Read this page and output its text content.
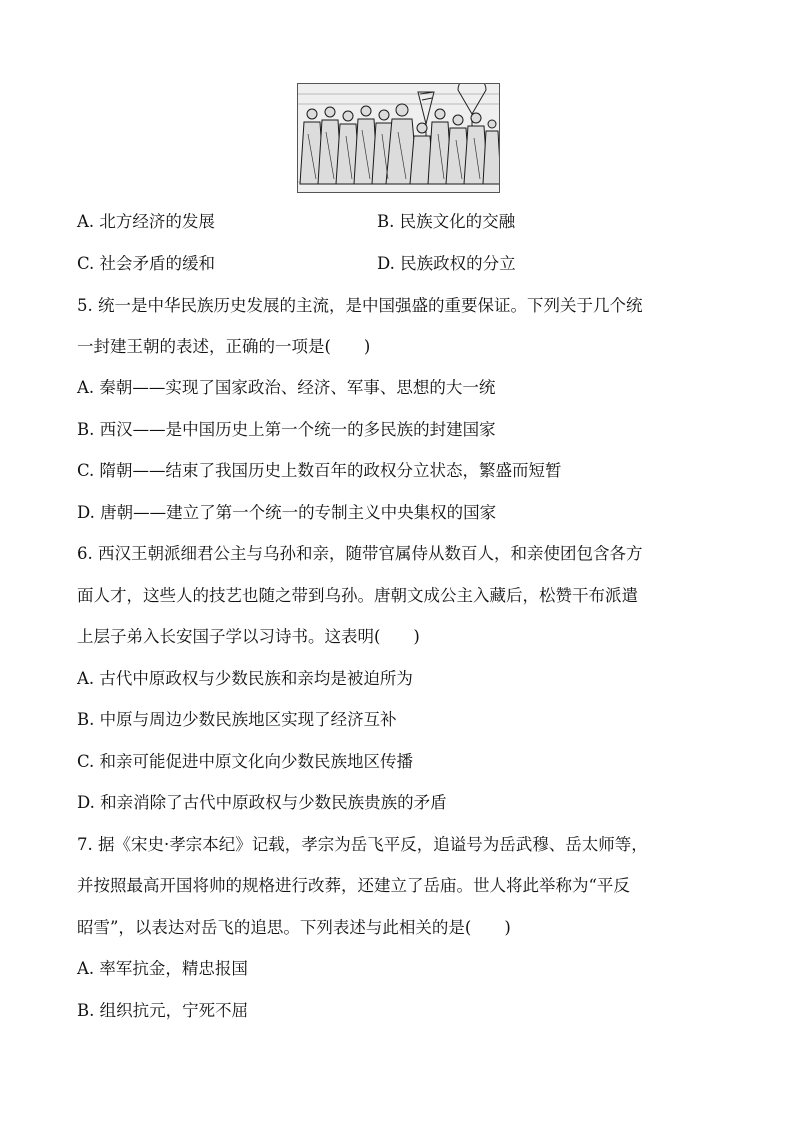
A. 北方经济的发展	B. 民族文化的交融
C. 社会矛盾的缓和	D. 民族政权的分立
5. 统一是中华民族历史发展的主流，是中国强盛的重要保证。下列关于几个统
一封建王朝的表述，正确的一项是(　　)
A. 秦朝——实现了国家政治、经济、军事、思想的大一统
B. 西汉——是中国历史上第一个统一的多民族的封建国家
C. 隋朝——结束了我国历史上数百年的政权分立状态，繁盛而短暂
D. 唐朝——建立了第一个统一的专制主义中央集权的国家
6. 西汉王朝派细君公主与乌孙和亲，随带官属侍从数百人，和亲使团包含各方
面人才，这些人的技艺也随之带到乌孙。唐朝文成公主入藏后，松赞干布派遣
上层子弟入长安国子学以习诗书。这表明(　　)
A. 古代中原政权与少数民族和亲均是被迫所为
B. 中原与周边少数民族地区实现了经济互补
C. 和亲可能促进中原文化向少数民族地区传播
D. 和亲消除了古代中原政权与少数民族贵族的矛盾
7. 据《宋史·孝宗本纪》记载，孝宗为岳飞平反，追谥号为岳武穆、岳太师等，
并按照最高开国将帅的规格进行改葬，还建立了岳庙。世人将此举称为“平反
昭雪”，以表达对岳飞的追思。下列表述与此相关的是(　　)
A. 率军抗金，精忠报国
B. 组织抗元，宁死不屈
